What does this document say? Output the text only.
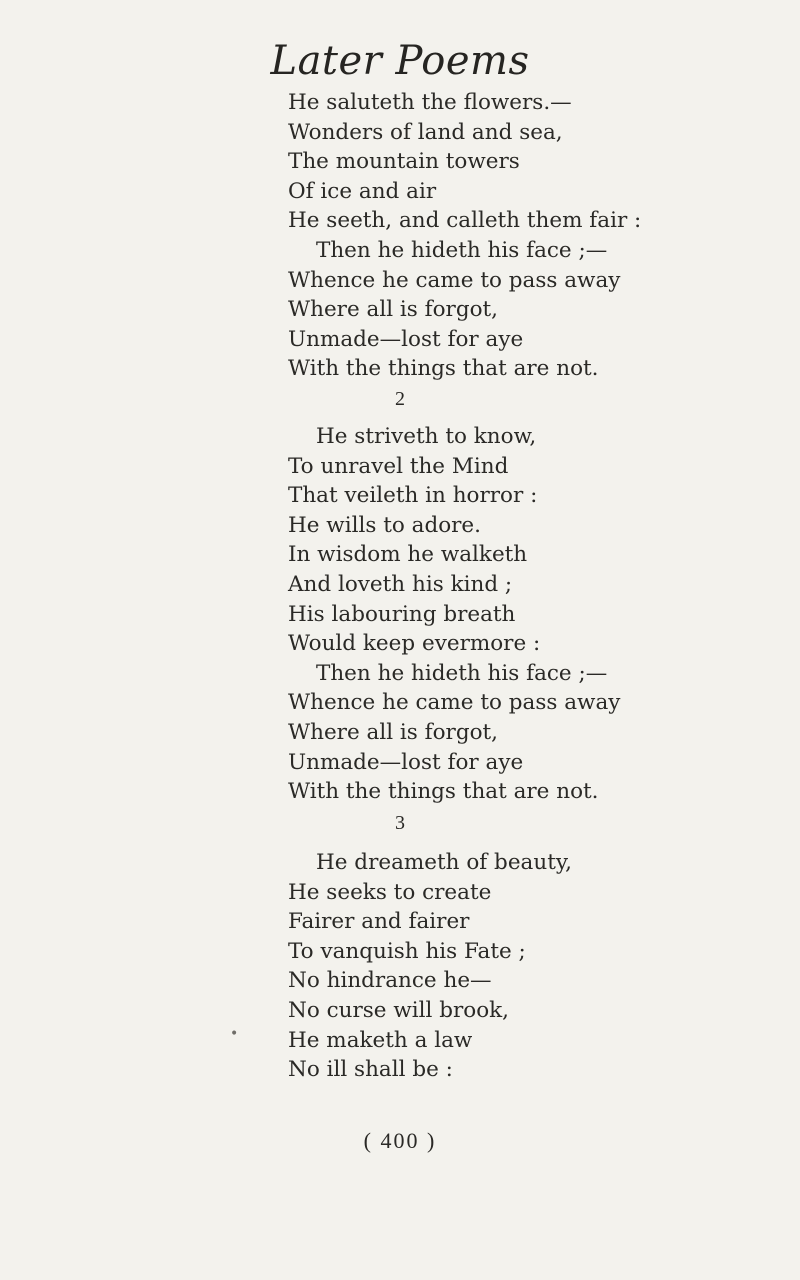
Later Poems
He saluteth the flowers.—
Wonders of land and sea,
The mountain towers
Of ice and air
He seeth, and calleth them fair :
Then he hideth his face ;—
Whence he came to pass away
Where all is forgot,
Unmade—lost for aye
With the things that are not.
2
He striveth to know,
To unravel the Mind
That veileth in horror :
He wills to adore.
In wisdom he walketh
And loveth his kind ;
His labouring breath
Would keep evermore :
Then he hideth his face ;—
Whence he came to pass away
Where all is forgot,
Unmade—lost for aye
With the things that are not.
3
He dreameth of beauty,
He seeks to create
Fairer and fairer
To vanquish his Fate ;
No hindrance he—
No curse will brook,
He maketh a law
No ill shall be :
•
( 400 )
